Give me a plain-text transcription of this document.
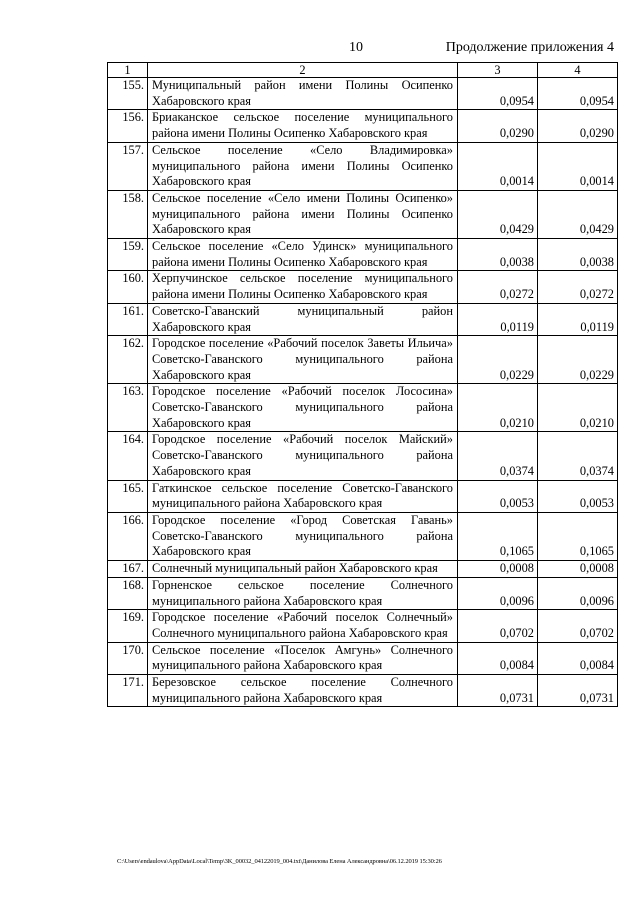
10	Продолжение приложения 4
1	2	3	4
155.	Муниципальный район имени Полины Осипенко Хабаровского края	0,0954	0,0954
156.	Бриаканское сельское поселение муниципального района имени Полины Осипенко Хабаровского края	0,0290	0,0290
157.	Сельское поселение «Село Владимировка» муниципального района имени Полины Осипенко Хабаровского края	0,0014	0,0014
158.	Сельское поселение «Село имени Полины Осипенко» муниципального района имени Полины Осипенко Хабаровского края	0,0429	0,0429
159.	Сельское поселение «Село Удинск» муниципального района имени Полины Осипенко Хабаровского края	0,0038	0,0038
160.	Херпучинское сельское поселение муниципального района имени Полины Осипенко Хабаровского края	0,0272	0,0272
161.	Советско-Гаванский муниципальный район Хабаровского края	0,0119	0,0119
162.	Городское поселение «Рабочий поселок Заветы Ильича» Советско-Гаванского муниципального района Хабаровского края	0,0229	0,0229
163.	Городское поселение «Рабочий поселок Лососина» Советско-Гаванского муниципального района Хабаровского края	0,0210	0,0210
164.	Городское поселение «Рабочий поселок Майский» Советско-Гаванского муниципального района Хабаровского края	0,0374	0,0374
165.	Гаткинское сельское поселение Советско-Гаванского муниципального района Хабаровского края	0,0053	0,0053
166.	Городское поселение «Город Советская Гавань» Советско-Гаванского муниципального района Хабаровского края	0,1065	0,1065
167.	Солнечный муниципальный район Хабаровского края	0,0008	0,0008
168.	Горненское сельское поселение Солнечного муниципального района Хабаровского края	0,0096	0,0096
169.	Городское поселение «Рабочий поселок Солнечный» Солнечного муниципального района Хабаровского края	0,0702	0,0702
170.	Сельское поселение «Поселок Амгунь» Солнечного муниципального района Хабаровского края	0,0084	0,0084
171.	Березовское сельское поселение Солнечного муниципального района Хабаровского края	0,0731	0,0731
C:\Users\endaulova\AppData\Local\Temp\3K_00032_04122019_004.txt\Данилова Елена Александровна\06.12.2019 15:30:26
